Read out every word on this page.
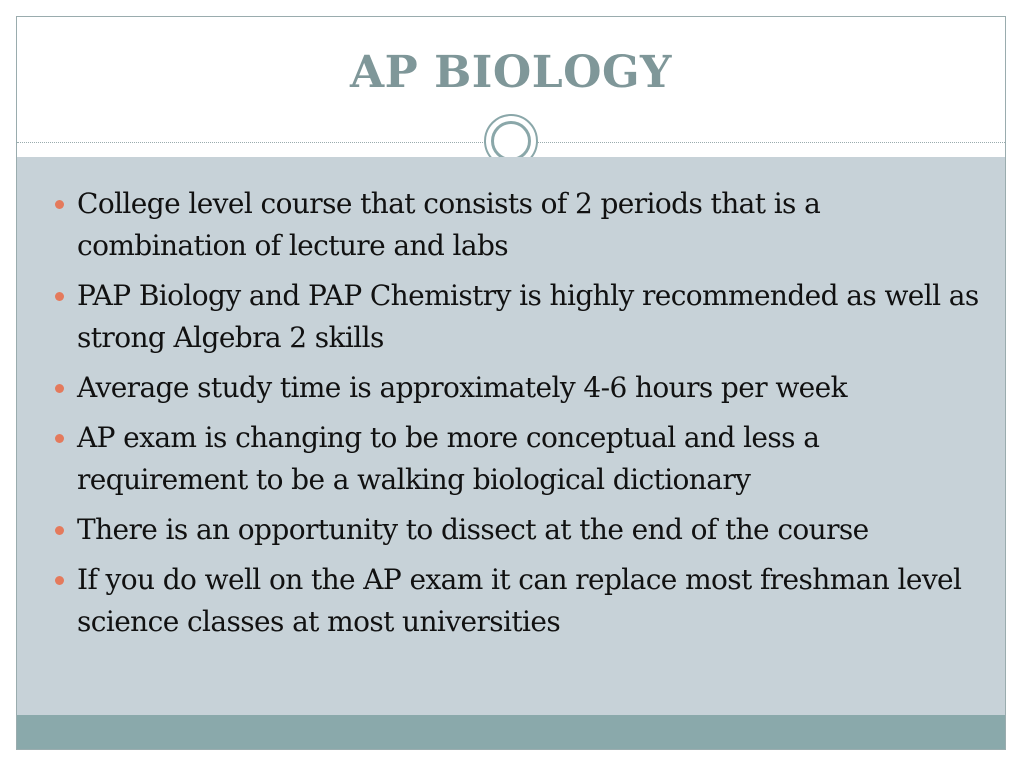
AP BIOLOGY
College level course that consists of 2 periods that is a combination of lecture and labs
PAP Biology and PAP Chemistry is highly recommended as well as strong Algebra 2 skills
Average study time is approximately 4-6 hours per week
AP exam is changing to be more conceptual and less a requirement to be a walking biological dictionary
There is an opportunity to dissect at the end of the course
If you do well on the AP exam it can replace most freshman level science classes at most universities
